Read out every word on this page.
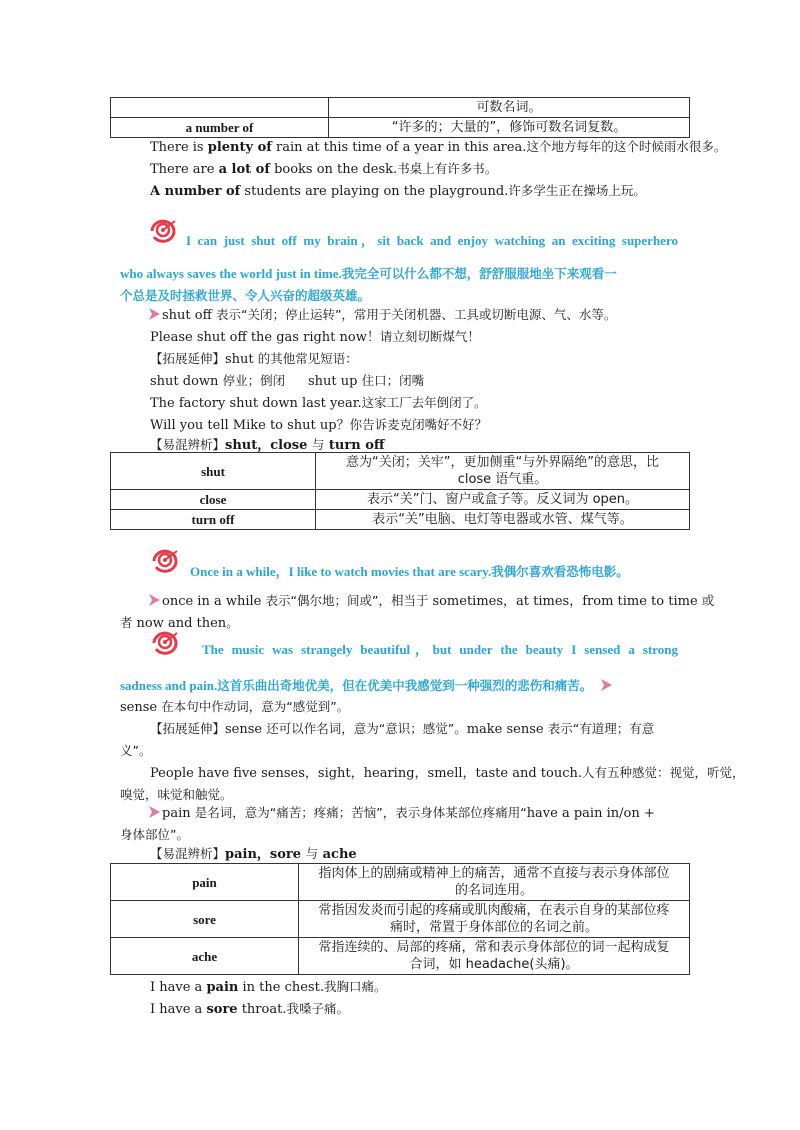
	可数名词。
a number of	“许多的；大量的”，修饰可数名词复数。
There is plenty of rain at this time of a year in this area.这个地方每年的这个时候雨水很多。
There are a lot of books on the desk.书桌上有许多书。
A number of students are playing on the playground.许多学生正在操场上玩。
I can just shut off my brain，sit back and enjoy watching an exciting superhero
who always saves the world just in time.我完全可以什么都不想，舒舒服服地坐下来观看一
个总是及时拯救世界、令人兴奋的超级英雄。
shut off 表示“关闭；停止运转”，常用于关闭机器、工具或切断电源、气、水等。
Please shut off the gas right now！请立刻切断煤气！
【拓展延伸】shut 的其他常见短语：
shut down 停业；倒闭 shut up 住口；闭嘴
The factory shut down last year.这家工厂去年倒闭了。
Will you tell Mike to shut up？你告诉麦克闭嘴好不好？
【易混辨析】shut，close 与 turn off
shut	意为“关闭；关牢”，更加侧重“与外界隔绝”的意思，比
close 语气重。

close	表示“关”门、窗户或盒子等。反义词为 open。
turn off	表示“关”电脑、电灯等电器或水管、煤气等。
Once in a while，I like to watch movies that are scary.我偶尔喜欢看恐怖电影。
once in a while 表示“偶尔地；间或”，相当于 sometimes，at times，from time to time 或
者 now and then。
The music was strangely beautiful，but under the beauty I sensed a strong
sadness and pain.这首乐曲出奇地优美，但在优美中我感觉到一种强烈的悲伤和痛苦。
sense 在本句中作动词，意为“感觉到”。
【拓展延伸】sense 还可以作名词，意为“意识；感觉”。make sense 表示“有道理；有意
义”。
People have five senses，sight，hearing，smell，taste and touch.人有五种感觉：视觉，听觉，
嗅觉，味觉和触觉。
pain 是名词，意为“痛苦；疼痛；苦恼”，表示身体某部位疼痛用“have a pain in/on +
身体部位”。
【易混辨析】pain，sore 与 ache
pain	指肉体上的剧痛或精神上的痛苦，通常不直接与表示身体部位
的名词连用。

sore	常指因发炎而引起的疼痛或肌肉酸痛，在表示自身的某部位疼
痛时，常置于身体部位的名词之前。

ache	常指连续的、局部的疼痛，常和表示身体部位的词一起构成复
合词，如 headache(头痛)。
I have a pain in the chest.我胸口痛。
I have a sore throat.我嗓子痛。
